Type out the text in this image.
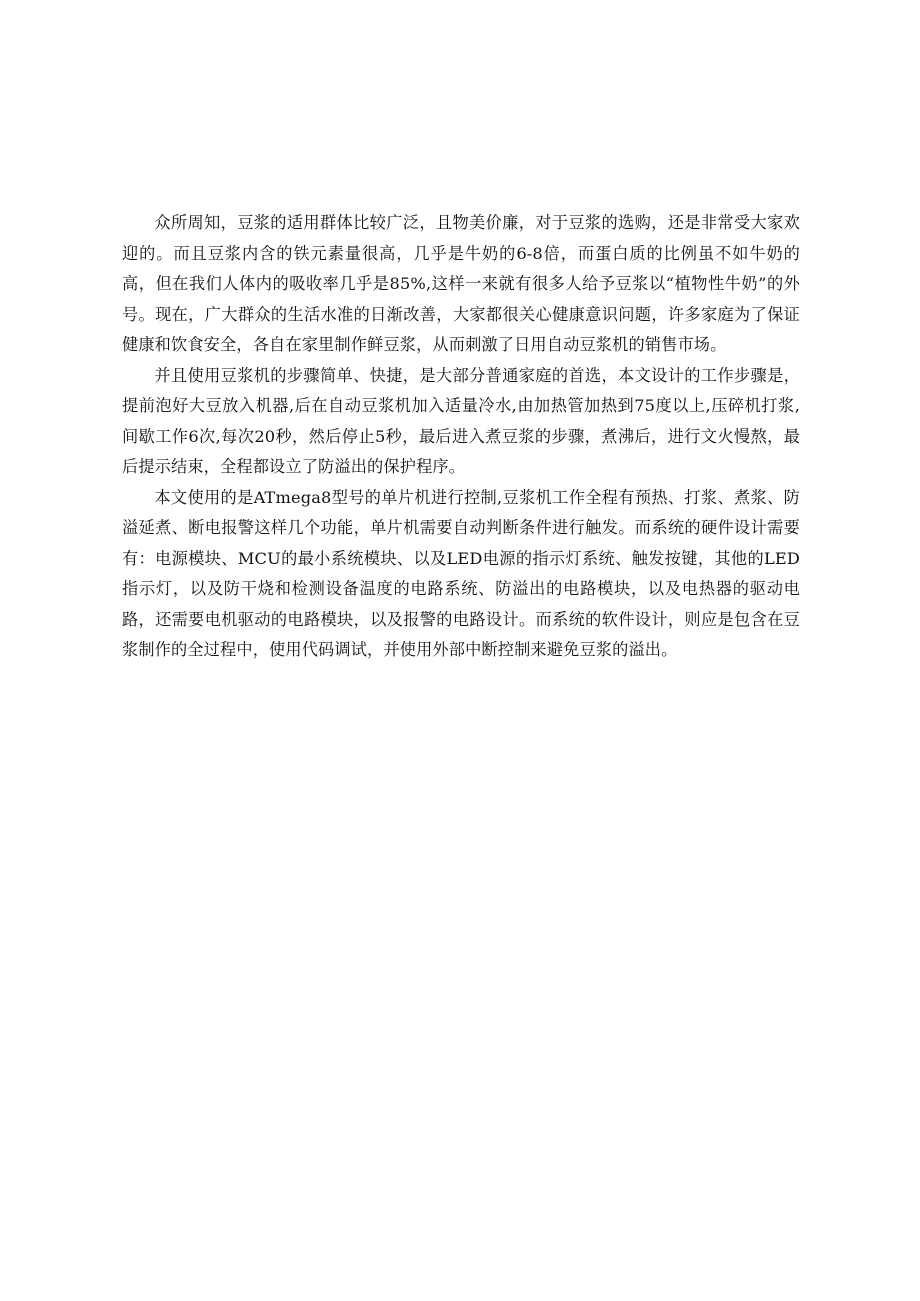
众所周知，豆浆的适用群体比较广泛，且物美价廉，对于豆浆的选购，还是非常受大家欢迎的。而且豆浆内含的铁元素量很高，几乎是牛奶的6-8倍，而蛋白质的比例虽不如牛奶的高，但在我们人体内的吸收率几乎是85%,这样一来就有很多人给予豆浆以“植物性牛奶”的外号。现在，广大群众的生活水准的日渐改善，大家都很关心健康意识问题，许多家庭为了保证健康和饮食安全，各自在家里制作鲜豆浆，从而刺激了日用自动豆浆机的销售市场。

并且使用豆浆机的步骤简单、快捷，是大部分普通家庭的首选，本文设计的工作步骤是，提前泡好大豆放入机器,后在自动豆浆机加入适量冷水,由加热管加热到75度以上,压碎机打浆,间歇工作6次,每次20秒，然后停止5秒，最后进入煮豆浆的步骤，煮沸后，进行文火慢熬，最后提示结束，全程都设立了防溢出的保护程序。

本文使用的是ATmega8型号的单片机进行控制,豆浆机工作全程有预热、打浆、煮浆、防溢延煮、断电报警这样几个功能，单片机需要自动判断条件进行触发。而系统的硬件设计需要有：电源模块、MCU的最小系统模块、以及LED电源的指示灯系统、触发按键，其他的LED指示灯，以及防干烧和检测设备温度的电路系统、防溢出的电路模块，以及电热器的驱动电路，还需要电机驱动的电路模块，以及报警的电路设计。而系统的软件设计，则应是包含在豆浆制作的全过程中，使用代码调试，并使用外部中断控制来避免豆浆的溢出。
